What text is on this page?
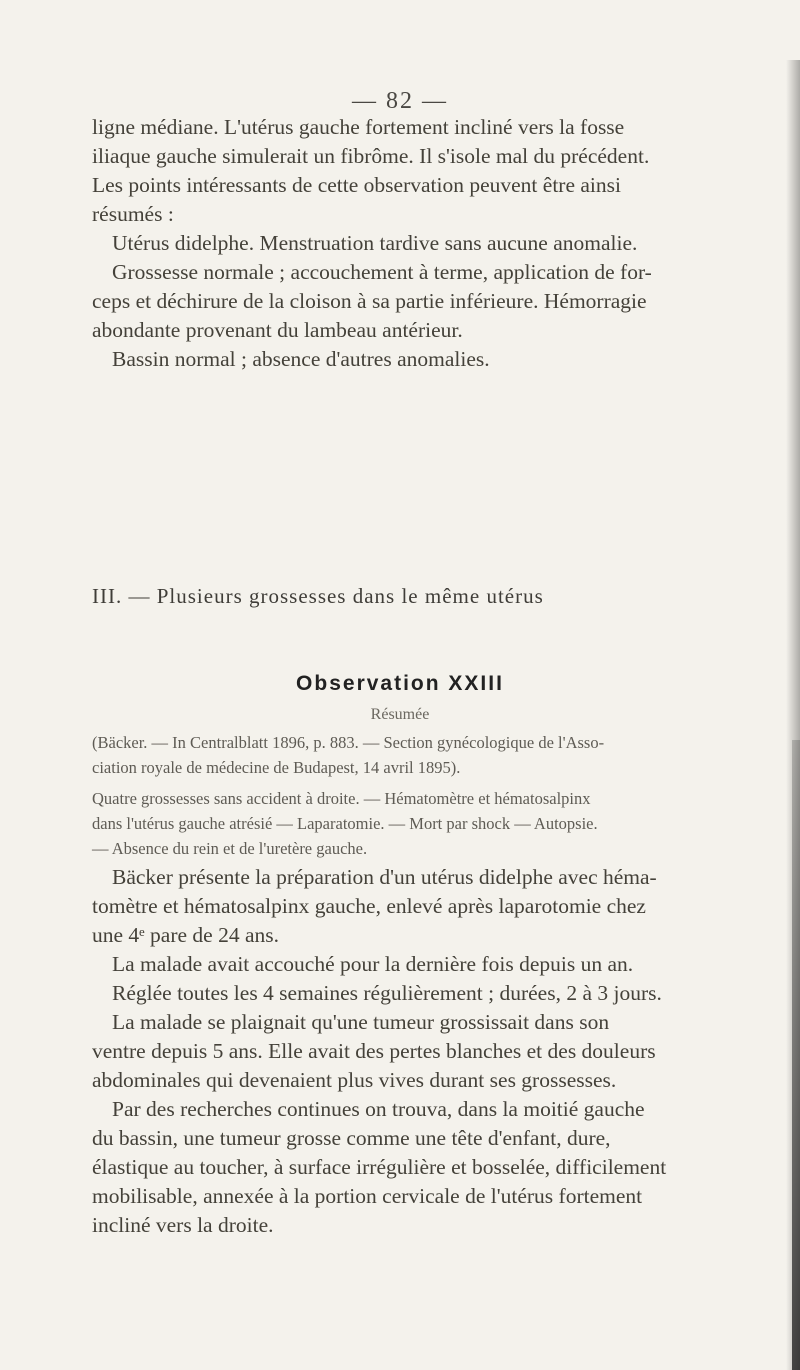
— 82 —
ligne médiane. L'utérus gauche fortement incliné vers la fosse
iliaque gauche simulerait un fibrôme. Il s'isole mal du précédent.
Les points intéressants de cette observation peuvent être ainsi
résumés :
Utérus didelphe. Menstruation tardive sans aucune anomalie.
Grossesse normale ; accouchement à terme, application de for-
ceps et déchirure de la cloison à sa partie inférieure. Hémorragie
abondante provenant du lambeau antérieur.
Bassin normal ; absence d'autres anomalies.
III. — Plusieurs grossesses dans le même utérus
Observation XXIII
Résumée
(Bäcker. — In Centralblatt 1896, p. 883. — Section gynécologique de l'Asso-
ciation royale de médecine de Budapest, 14 avril 1895).
Quatre grossesses sans accident à droite. — Hématomètre et hématosalpinx
dans l'utérus gauche atrésié — Laparatomie. — Mort par shock — Autopsie.
— Absence du rein et de l'uretère gauche.
Bäcker présente la préparation d'un utérus didelphe avec héma-
tomètre et hématosalpinx gauche, enlevé après laparotomie chez
une 4ᵉ pare de 24 ans.
La malade avait accouché pour la dernière fois depuis un an.
Réglée toutes les 4 semaines régulièrement ; durées, 2 à 3 jours.
La malade se plaignait qu'une tumeur grossissait dans son
ventre depuis 5 ans. Elle avait des pertes blanches et des douleurs
abdominales qui devenaient plus vives durant ses grossesses.
Par des recherches continues on trouva, dans la moitié gauche
du bassin, une tumeur grosse comme une tête d'enfant, dure,
élastique au toucher, à surface irrégulière et bosselée, difficilement
mobilisable, annexée à la portion cervicale de l'utérus fortement
incliné vers la droite.
